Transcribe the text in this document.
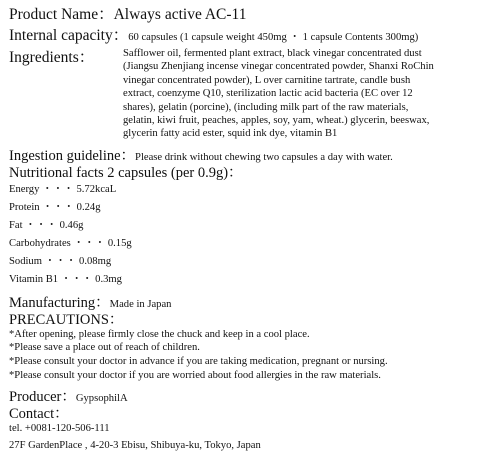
Product Name：Always active AC-11
Internal capacity：60 capsules (1 capsule weight 450mg ・ 1 capsule Contents 300mg)
Ingredients：	Safflower oil, fermented plant extract, black vinegar concentrated dust
(Jiangsu Zhenjiang incense vinegar concentrated powder, Shanxi RoChin
vinegar concentrated powder), L over carnitine tartrate, candle bush
extract, coenzyme Q10, sterilization lactic acid bacteria (EC over 12
shares), gelatin (porcine), (including milk part of the raw materials,
gelatin, kiwi fruit, peaches, apples, soy, yam, wheat.) glycerin, beeswax,
glycerin fatty acid ester, squid ink dye, vitamin B1
Ingestion guideline：Please drink without chewing two capsules a day with water.
Nutritional facts 2 capsules (per 0.9g)：
Energy ・・・ 5.72kcaL
Protein ・・・ 0.24g
Fat ・・・ 0.46g
Carbohydrates ・・・ 0.15g
Sodium ・・・ 0.08mg
Vitamin B1 ・・・ 0.3mg
Manufacturing：Made in Japan
PRECAUTIONS：
*After opening, please firmly close the chuck and keep in a cool place.
*Please save a place out of reach of children.
*Please consult your doctor in advance if you are taking medication, pregnant or nursing.
*Please consult your doctor if you are worried about food allergies in the raw materials.
Producer：GypsophilA
Contact：
tel. +0081-120-506-111
27F GardenPlace , 4-20-3 Ebisu, Shibuya-ku, Tokyo, Japan
